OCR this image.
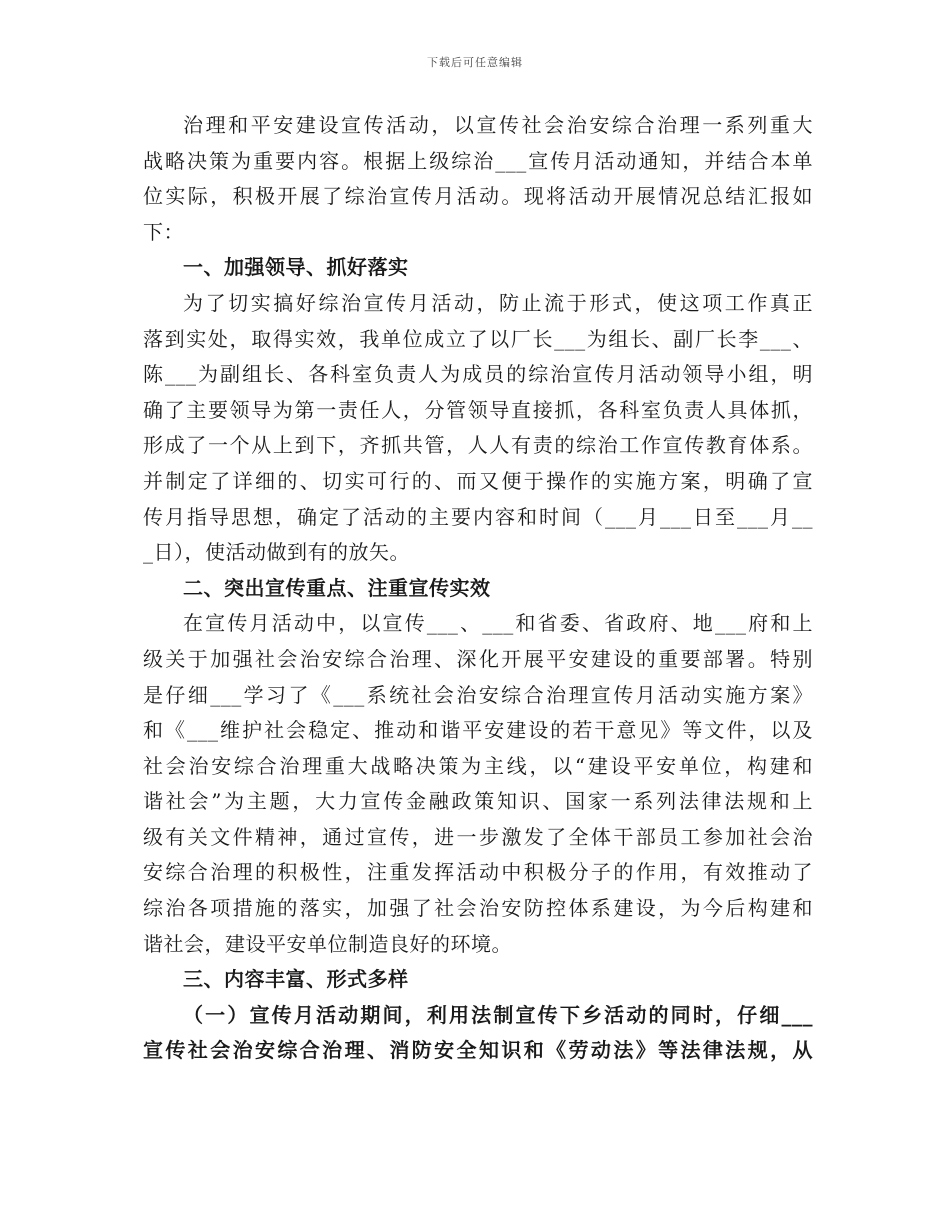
下载后可任意编辑
治理和平安建设宣传活动，以宣传社会治安综合治理一系列重大
战略决策为重要内容。根据上级综治___宣传月活动通知，并结合本单
位实际，积极开展了综治宣传月活动。现将活动开展情况总结汇报如
下：
一、加强领导、抓好落实
为了切实搞好综治宣传月活动，防止流于形式，使这项工作真正
落到实处，取得实效，我单位成立了以厂长___为组长、副厂长李___、
陈___为副组长、各科室负责人为成员的综治宣传月活动领导小组，明
确了主要领导为第一责任人，分管领导直接抓，各科室负责人具体抓，
形成了一个从上到下，齐抓共管，人人有责的综治工作宣传教育体系。
并制定了详细的、切实可行的、而又便于操作的实施方案，明确了宣
传月指导思想，确定了活动的主要内容和时间（___月___日至___月__
_日），使活动做到有的放矢。
二、突出宣传重点、注重宣传实效
在宣传月活动中，以宣传___、___和省委、省政府、地___府和上
级关于加强社会治安综合治理、深化开展平安建设的重要部署。特别
是仔细___学习了《___系统社会治安综合治理宣传月活动实施方案》
和《___维护社会稳定、推动和谐平安建设的若干意见》等文件，以及
社会治安综合治理重大战略决策为主线，以“建设平安单位，构建和
谐社会”为主题，大力宣传金融政策知识、国家一系列法律法规和上
级有关文件精神，通过宣传，进一步激发了全体干部员工参加社会治
安综合治理的积极性，注重发挥活动中积极分子的作用，有效推动了
综治各项措施的落实，加强了社会治安防控体系建设，为今后构建和
谐社会，建设平安单位制造良好的环境。
三、内容丰富、形式多样
（一）宣传月活动期间，利用法制宣传下乡活动的同时，仔细___
宣传社会治安综合治理、消防安全知识和《劳动法》等法律法规，从
